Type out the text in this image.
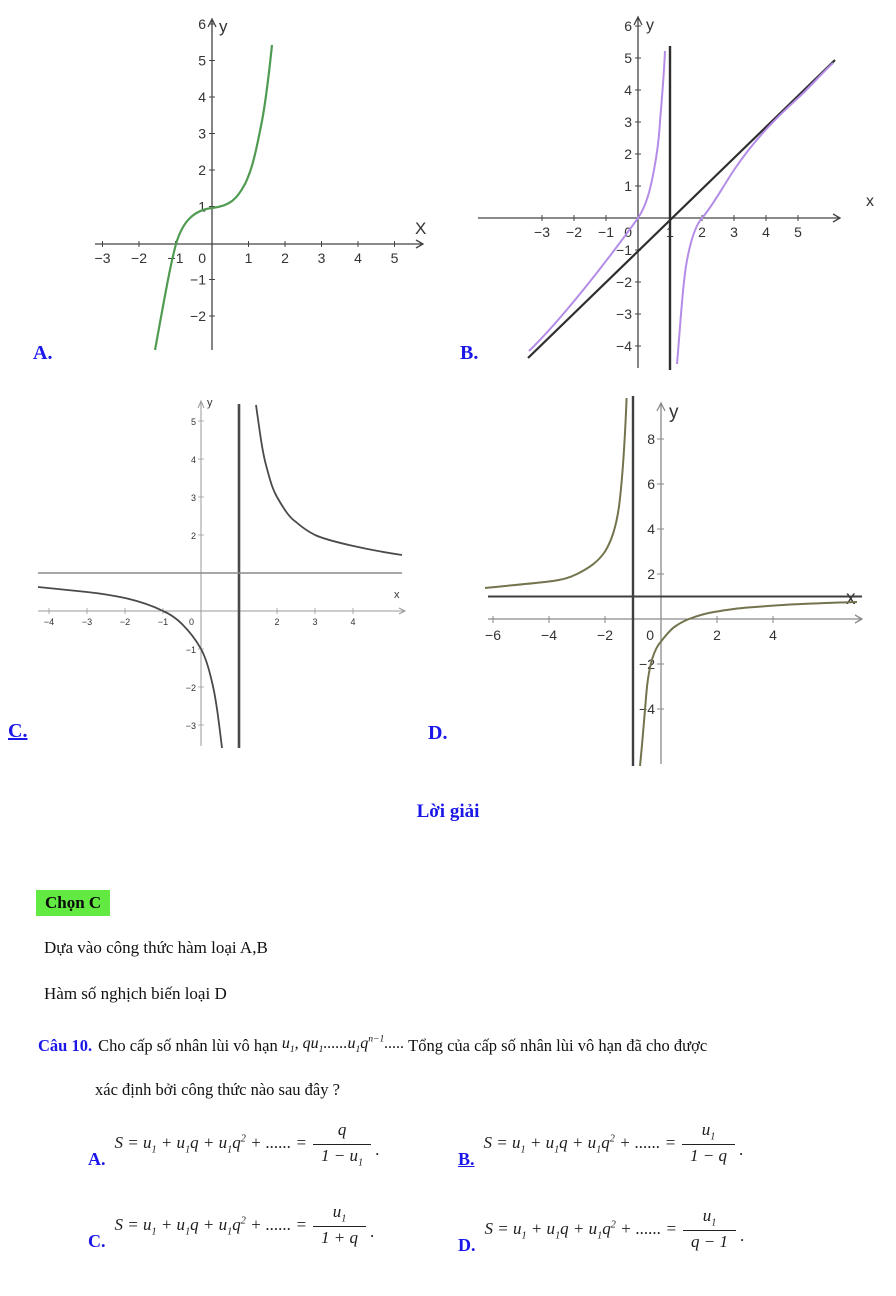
X
y
−3 −2 −1 0	1 2 3 4 5
6
5
4
3
2
1
−1
−2
A.
x
y
−3 −2 −1 0 1 2 3 4 5
6
5
4
3
2
1
−1
−2
−3
−4
B.
x
y
−4	−3	−2	−1 0	2	3	4
5
4
3
2
−1
−2
−3
C.
x
y
−6	−4	−2 0	2	4
8
6
4
2
−2
−4
D.
Lời giải
Chọn C
Dựa vào công thức hàm loại A,B
Hàm số nghịch biến loại D
Câu 10. Cho cấp số nhân lùi vô hạn $u_1$, $qu_1......u_1q^{n-1}$..... Tổng của cấp số nhân lùi vô hạn đã cho được
xác định bởi công thức nào sau đây ?
A.
$S = u_1 + u_1q + u_1q^2$ + ...... = $\frac{q}{1 - u_1}$ .	B.
$S = u_1 + u_1q + u_1q^2$ + ...... = $\frac{u_1}{1 - q}$ .
C.
$S = u_1 + u_1q + u_1q^2$ + ...... = $\frac{u_1}{1 + q}$ .
D.
$S = u_1 + u_1q + u_1q^2$ + ...... = $\frac{u_1}{q - 1}$ .
